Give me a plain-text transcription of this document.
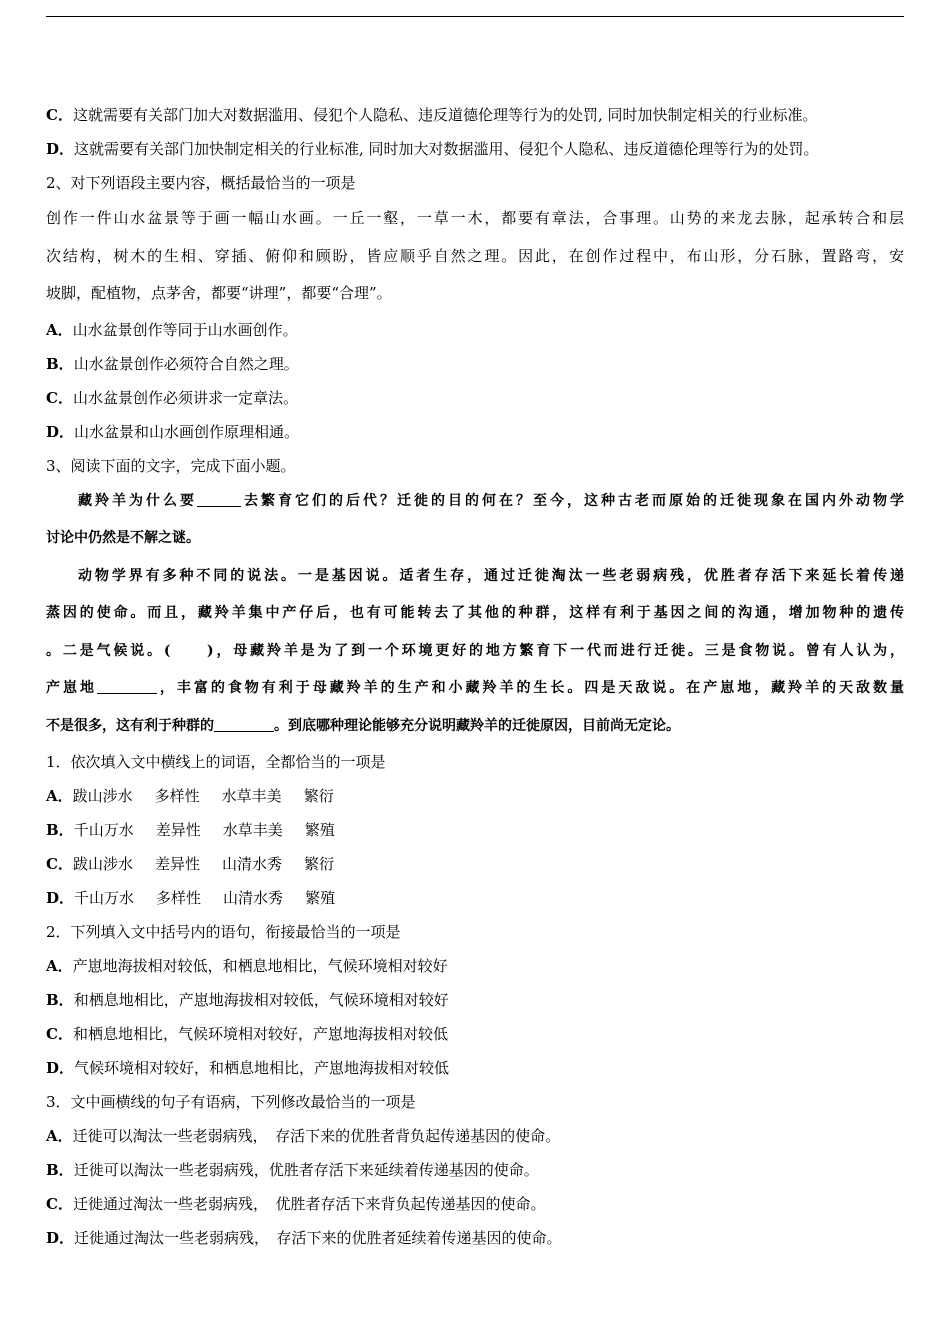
C．这就需要有关部门加大对数据滥用、侵犯个人隐私、违反道德伦理等行为的处罚, 同时加快制定相关的行业标准。
D．这就需要有关部门加快制定相关的行业标准, 同时加大对数据滥用、侵犯个人隐私、违反道德伦理等行为的处罚。
2、对下列语段主要内容，概括最恰当的一项是
创作一件山水盆景等于画一幅山水画。一丘一壑，一草一木，都要有章法，合事理。山势的来龙去脉，起承转合和层
次结构，树木的生相、穿插、俯仰和顾盼，皆应顺乎自然之理。因此，在创作过程中，布山形，分石脉，置路弯，安
坡脚，配植物，点茅舍，都要“讲理”，都要“合理”。
A．山水盆景创作等同于山水画创作。
B．山水盆景创作必须符合自然之理。
C．山水盆景创作必须讲求一定章法。
D．山水盆景和山水画创作原理相通。
3、阅读下面的文字，完成下面小题。
藏羚羊为什么要	去繁育它们的后代？迁徙的目的何在？至今，这种古老而原始的迁徙现象在国内外动物学
讨论中仍然是不解之谜。
动物学界有多种不同的说法。一是基因说。适者生存，通过迁徙淘汰一些老弱病残，优胜者存活下来延长着传递
蒸因的使命。而且，藏羚羊集中产仔后，也有可能转去了其他的种群，这样有利于基因之间的沟通，增加物种的遗传
。二是气候说。(　　)，母藏羚羊是为了到一个环境更好的地方繁育下一代而进行迁徙。三是食物说。曾有人认为，
产崽地	，丰富的食物有利于母藏羚羊的生产和小藏羚羊的生长。四是天敌说。在产崽地，藏羚羊的天敌数量
不是很多，这有利于种群的	。到底哪种理论能够充分说明藏羚羊的迁徙原因，目前尚无定论。
1．依次填入文中横线上的词语，全都恰当的一项是
A．跋山涉水 多样性 水草丰美 繁衍
B．千山万水 差异性 水草丰美 繁殖
C．跋山涉水 差异性 山清水秀 繁衍
D．千山万水 多样性 山清水秀 繁殖
2．下列填入文中括号内的语句，衔接最恰当的一项是
A．产崽地海拔相对较低，和栖息地相比，气候环境相对较好
B．和栖息地相比，产崽地海拔相对较低，气候环境相对较好
C．和栖息地相比，气候环境相对较好，产崽地海拔相对较低
D．气候环境相对较好，和栖息地相比，产崽地海拔相对较低
3．文中画横线的句子有语病，下列修改最恰当的一项是
A．迁徙可以淘汰一些老弱病残，　存活下来的优胜者背负起传递基因的使命。
B．迁徙可以淘汰一些老弱病残，优胜者存活下来延续着传递基因的使命。
C．迁徙通过淘汰一些老弱病残，　优胜者存活下来背负起传递基因的使命。
D．迁徙通过淘汰一些老弱病残，　存活下来的优胜者延续着传递基因的使命。
